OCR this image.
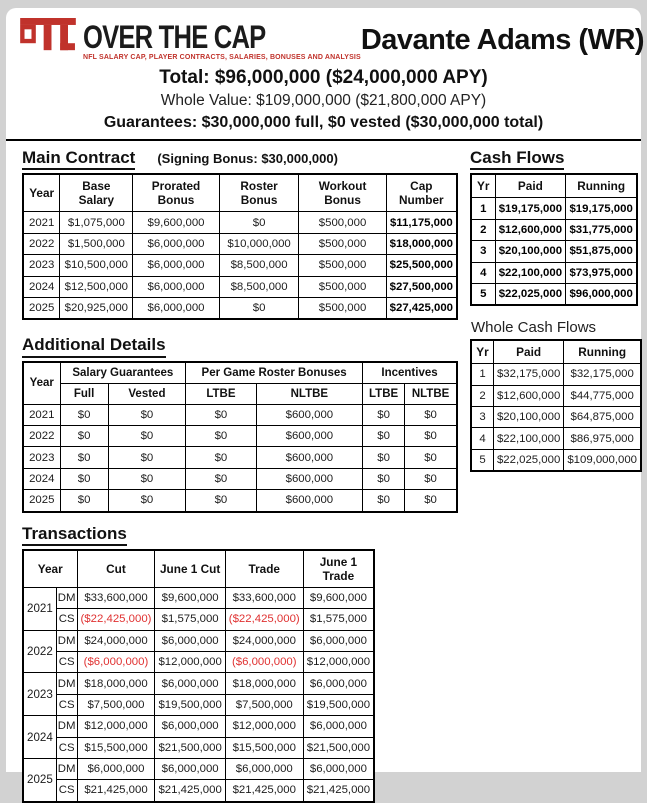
OVER THE CAP
NFL SALARY CAP, PLAYER CONTRACTS, SALARIES, BONUSES AND ANALYSIS
Davante Adams (WR)
Total: $96,000,000 ($24,000,000 APY)
Whole Value: $109,000,000 ($21,800,000 APY)
Guarantees: $30,000,000 full, $0 vested ($30,000,000 total)
Main Contract (Signing Bonus: $30,000,000)
Year	Base Salary	Prorated Bonus	Roster Bonus	Workout Bonus	Cap Number
2021	$1,075,000	$9,600,000	$0	$500,000	$11,175,000
2022	$1,500,000	$6,000,000	$10,000,000	$500,000	$18,000,000
2023	$10,500,000	$6,000,000	$8,500,000	$500,000	$25,500,000
2024	$12,500,000	$6,000,000	$8,500,000	$500,000	$27,500,000
2025	$20,925,000	$6,000,000	$0	$500,000	$27,425,000
Additional Details
Year	Salary Guarantees		Per Game Roster Bonuses		Incentives	
	Full	Vested	LTBE	NLTBE	LTBE	NLTBE
2021	$0	$0	$0	$600,000	$0	$0
2022	$0	$0	$0	$600,000	$0	$0
2023	$0	$0	$0	$600,000	$0	$0
2024	$0	$0	$0	$600,000	$0	$0
2025	$0	$0	$0	$600,000	$0	$0
Transactions
Year		Cut	June 1 Cut	Trade	June 1 Trade
2021	DM	$33,600,000	$9,600,000	$33,600,000	$9,600,000
	CS	($22,425,000)	$1,575,000	($22,425,000)	$1,575,000
2022	DM	$24,000,000	$6,000,000	$24,000,000	$6,000,000
	CS	($6,000,000)	$12,000,000	($6,000,000)	$12,000,000
2023	DM	$18,000,000	$6,000,000	$18,000,000	$6,000,000
	CS	$7,500,000	$19,500,000	$7,500,000	$19,500,000
2024	DM	$12,000,000	$6,000,000	$12,000,000	$6,000,000
	CS	$15,500,000	$21,500,000	$15,500,000	$21,500,000
2025	DM	$6,000,000	$6,000,000	$6,000,000	$6,000,000
	CS	$21,425,000	$21,425,000	$21,425,000	$21,425,000
Cash Flows
Yr	Paid	Running
1	$19,175,000	$19,175,000
2	$12,600,000	$31,775,000
3	$20,100,000	$51,875,000
4	$22,100,000	$73,975,000
5	$22,025,000	$96,000,000
Whole Cash Flows
Yr	Paid	Running
1	$32,175,000	$32,175,000
2	$12,600,000	$44,775,000
3	$20,100,000	$64,875,000
4	$22,100,000	$86,975,000
5	$22,025,000	$109,000,000
